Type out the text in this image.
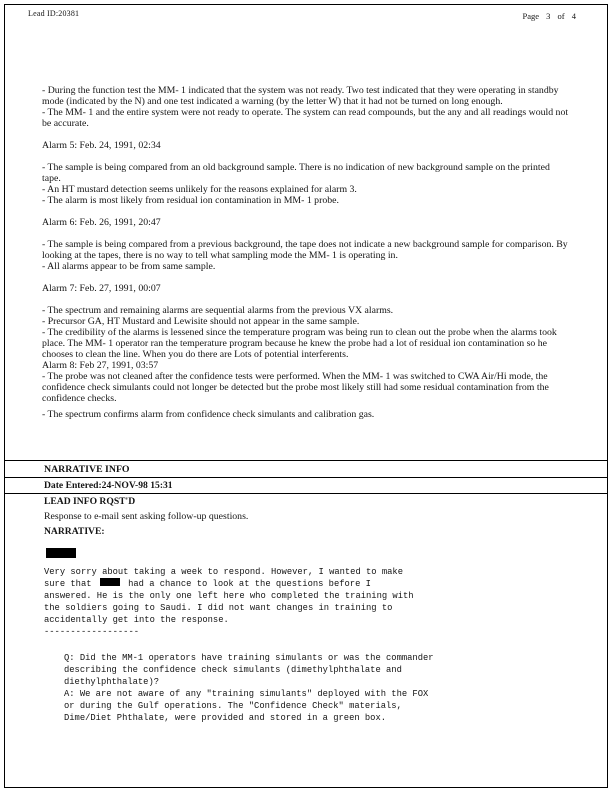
Lead ID:20381	Page 3 of 4

- During the function test the MM- 1 indicated that the system was not ready. Two test indicated that they were operating in standby mode (indicated by the N) and one test indicated a warning (by the letter W) that it had not be turned on long enough.

- The MM- 1 and the entire system were not ready to operate. The system can read compounds, but the any and all readings would not be accurate.

Alarm 5: Feb. 24, 1991, 02:34

- The sample is being compared from an old background sample. There is no indication of new background sample on the printed tape.

- An HT mustard detection seems unlikely for the reasons explained for alarm 3.

- The alarm is most likely from residual ion contamination in MM- 1 probe.

Alarm 6: Feb. 26, 1991, 20:47

- The sample is being compared from a previous background, the tape does not indicate a new background sample for comparison. By looking at the tapes, there is no way to tell what sampling mode the MM- 1 is operating in.

- All alarms appear to be from same sample.

Alarm 7: Feb. 27, 1991, 00:07

- The spectrum and remaining alarms are sequential alarms from the previous VX alarms.

- Precursor GA, HT Mustard and Lewisite should not appear in the same sample.

- The credibility of the alarms is lessened since the temperature program was being run to clean out the probe when the alarms took place. The MM- 1 operator ran the temperature program because he knew the probe had a lot of residual ion contamination so he chooses to clean the line. When you do there are Lots of potential interferents.

Alarm 8: Feb 27, 1991, 03:57

- The probe was not cleaned after the confidence tests were performed. When the MM- 1 was switched to CWA Air/Hi mode, the confidence check simulants could not longer be detected but the probe most likely still had some residual contamination from the confidence checks.

- The spectrum confirms alarm from confidence check simulants and calibration gas.

NARRATIVE INFO

Date Entered:24-NOV-98 15:31

LEAD INFO RQST'D

Response to e-mail sent asking follow-up questions.

NARRATIVE:

Very sorry about taking a week to respond. However, I wanted to make sure that	had a chance to look at the questions before I answered. He is the only one left here who completed the training with the soldiers going to Saudi. I did not want changes in training to accidentally get into the response.

------------------

Q: Did the MM-1 operators have training simulants or was the commander describing the confidence check simulants (dimethylphthalate and diethylphthalate)?

A: We are not aware of any "training simulants" deployed with the FOX or during the Gulf operations. The "Confidence Check" materials, Dime/Diet Phthalate, were provided and stored in a green box.
